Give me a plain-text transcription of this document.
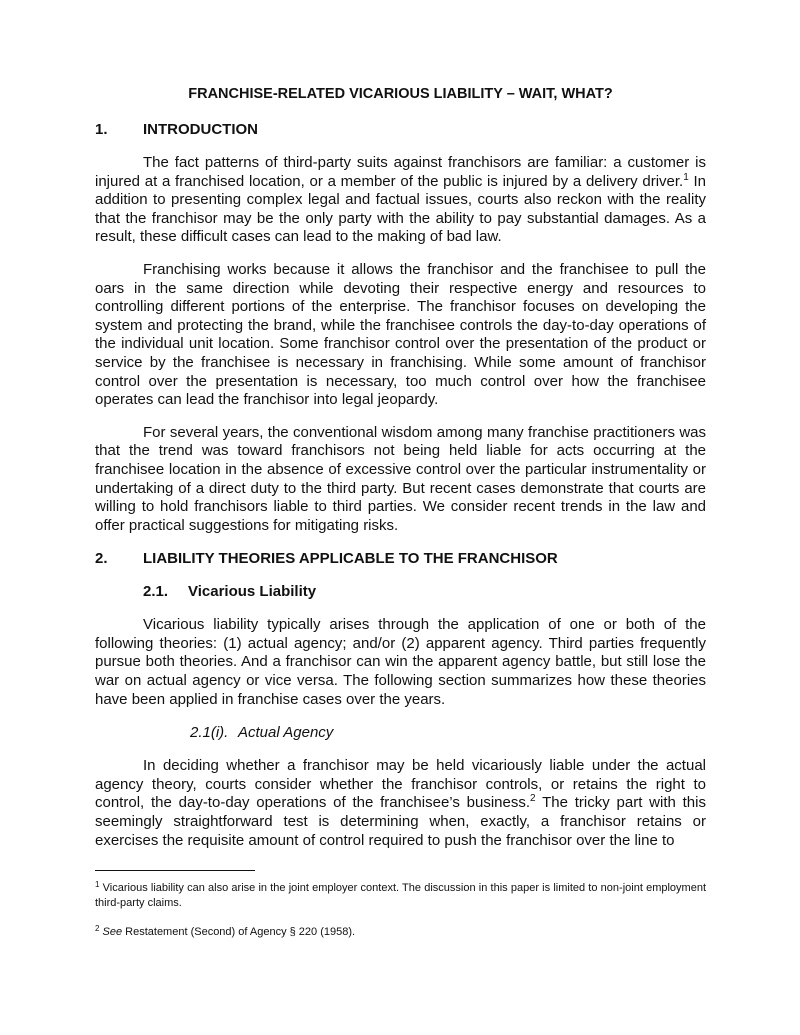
FRANCHISE-RELATED VICARIOUS LIABILITY – WAIT, WHAT?
1.	INTRODUCTION

The fact patterns of third-party suits against franchisors are familiar: a customer is injured at a franchised location, or a member of the public is injured by a delivery driver.$^1$ In addition to presenting complex legal and factual issues, courts also reckon with the reality that the franchisor may be the only party with the ability to pay substantial damages. As a result, these difficult cases can lead to the making of bad law.

Franchising works because it allows the franchisor and the franchisee to pull the oars in the same direction while devoting their respective energy and resources to controlling different portions of the enterprise. The franchisor focuses on developing the system and protecting the brand, while the franchisee controls the day-to-day operations of the individual unit location. Some franchisor control over the presentation of the product or service by the franchisee is necessary in franchising. While some amount of franchisor control over the presentation is necessary, too much control over how the franchisee operates can lead the franchisor into legal jeopardy.

For several years, the conventional wisdom among many franchise practitioners was that the trend was toward franchisors not being held liable for acts occurring at the franchisee location in the absence of excessive control over the particular instrumentality or undertaking of a direct duty to the third party. But recent cases demonstrate that courts are willing to hold franchisors liable to third parties. We consider recent trends in the law and offer practical suggestions for mitigating risks.

2.	LIABILITY THEORIES APPLICABLE TO THE FRANCHISOR
2.1.	Vicarious Liability

Vicarious liability typically arises through the application of one or both of the following theories: (1) actual agency; and/or (2) apparent agency. Third parties frequently pursue both theories. And a franchisor can win the apparent agency battle, but still lose the war on actual agency or vice versa. The following section summarizes how these theories have been applied in franchise cases over the years.

2.1(i). Actual Agency

In deciding whether a franchisor may be held vicariously liable under the actual agency theory, courts consider whether the franchisor controls, or retains the right to control, the day-to-day operations of the franchisee’s business.$^2$ The tricky part with this seemingly straightforward test is determining when, exactly, a franchisor retains or exercises the requisite amount of control required to push the franchisor over the line to

$^1$ Vicarious liability can also arise in the joint employer context. The discussion in this paper is limited to non-joint employment third-party claims.

$^2$ See Restatement (Second) of Agency § 220 (1958).
